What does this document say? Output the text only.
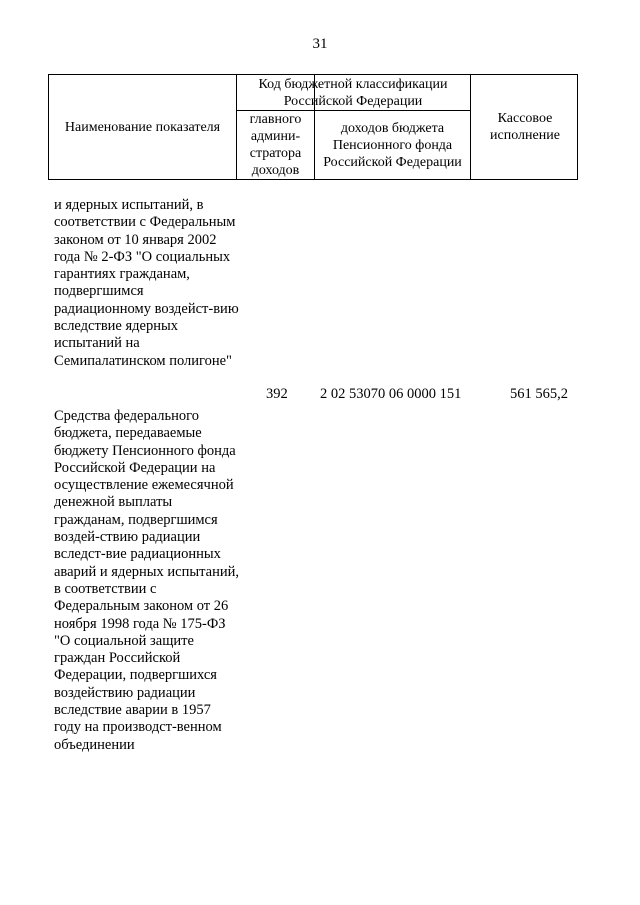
31
Наименование показателя
Код бюджетной классификации Российской Федерации
главного админи-стратора доходов
доходов бюджета Пенсионного фонда Российской Федерации
Кассовое исполнение
и ядерных испытаний, в соответствии с Федеральным законом от 10 января 2002 года № 2-ФЗ "О социальных гарантиях гражданам, подвергшимся радиационному воздейст-вию вследствие ядерных испытаний на Семипалатинском полигоне"
392 2 02 53070 06 0000 151	561 565,2
Средства федерального бюджета, передаваемые бюджету Пенсионного фонда Российской Федерации на осуществление ежемесячной денежной выплаты гражданам, подвергшимся воздей-ствию радиации вследст-вие радиационных аварий и ядерных испытаний, в соответствии с Федеральным законом от 26 ноября 1998 года № 175-ФЗ "О социальной защите граждан Российской Федерации, подвергшихся воздействию радиации вследствие аварии в 1957 году на производст-венном объединении
